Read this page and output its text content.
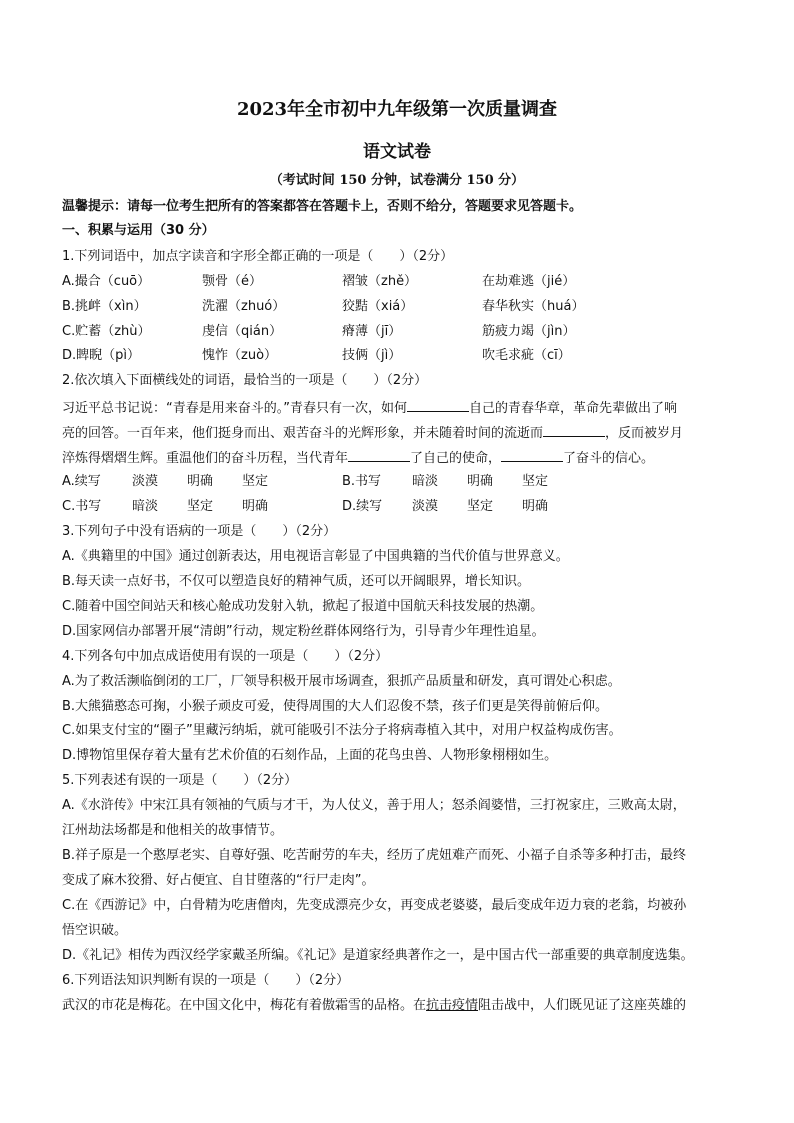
2023年全市初中九年级第一次质量调查
语文试卷
（考试时间 150 分钟，试卷满分 150 分）
温馨提示：请每一位考生把所有的答案都答在答题卡上，否则不给分，答题要求见答题卡。
一、积累与运用（30 分）
1.下列词语中，加点字读音和字形全都正确的一项是（　　）（2分）
A.撮合（cuō）	颚骨（é）	褶皱（zhě）	在劫难逃（jié）
B.挑衅（xìn）	洗濯（zhuó）	狡黠（xiá）	春华秋实（huá）
C.贮蓄（zhù）	虔信（qián）	瘠薄（jī）	筋疲力竭（jìn）
D.睥睨（pì）	愧怍（zuò）	技俩（jì）	吹毛求疵（cī）
2.依次填入下面横线处的词语，最恰当的一项是（　　）（2分）
习近平总书记说：“青春是用来奋斗的。”青春只有一次，如何	自己的青春华章，革命先辈做出了响
亮的回答。一百年来，他们挺身而出、艰苦奋斗的光辉形象，并未随着时间的流逝而	，反而被岁月
淬炼得熠熠生辉。重温他们的奋斗历程，当代青年	了自己的使命，	了奋斗的信心。
A.续写 淡漠 明确 坚定	B.书写 暗淡 明确 坚定
C.书写 暗淡 坚定 明确	D.续写 淡漠 坚定 明确
3.下列句子中没有语病的一项是（　　）（2分）
A.《典籍里的中国》通过创新表达，用电视语言彰显了中国典籍的当代价值与世界意义。
B.每天读一点好书，不仅可以塑造良好的精神气质，还可以开阔眼界，增长知识。
C.随着中国空间站天和核心舱成功发射入轨，掀起了报道中国航天科技发展的热潮。
D.国家网信办部署开展“清朗”行动，规定粉丝群体网络行为，引导青少年理性追星。
4.下列各句中加点成语使用有误的一项是（　　）（2分）
A.为了救活濒临倒闭的工厂，厂领导积极开展市场调查，狠抓产品质量和研发，真可谓处心积虑。
B.大熊猫憨态可掬，小猴子顽皮可爱，使得周围的大人们忍俊不禁，孩子们更是笑得前俯后仰。
C.如果支付宝的“圈子”里藏污纳垢，就可能吸引不法分子将病毒植入其中，对用户权益构成伤害。
D.博物馆里保存着大量有艺术价值的石刻作品，上面的花鸟虫兽、人物形象栩栩如生。
5.下列表述有误的一项是（　　）（2分）
A.《水浒传》中宋江具有领袖的气质与才干，为人仗义，善于用人；怒杀阎婆惜，三打祝家庄，三败高太尉，
江州劫法场都是和他相关的故事情节。
B.祥子原是一个憨厚老实、自尊好强、吃苦耐劳的车夫，经历了虎妞难产而死、小福子自杀等多种打击，最终
变成了麻木狡猾、好占便宜、自甘堕落的“行尸走肉”。
C.在《西游记》中，白骨精为吃唐僧肉，先变成漂亮少女，再变成老婆婆，最后变成年迈力衰的老翁，均被孙
悟空识破。
D.《礼记》相传为西汉经学家戴圣所编。《礼记》是道家经典著作之一，是中国古代一部重要的典章制度选集。
6.下列语法知识判断有误的一项是（　　）（2分）
武汉的市花是梅花。在中国文化中，梅花有着傲霜雪的品格。在抗击疫情阻击战中，人们既见证了这座英雄的
